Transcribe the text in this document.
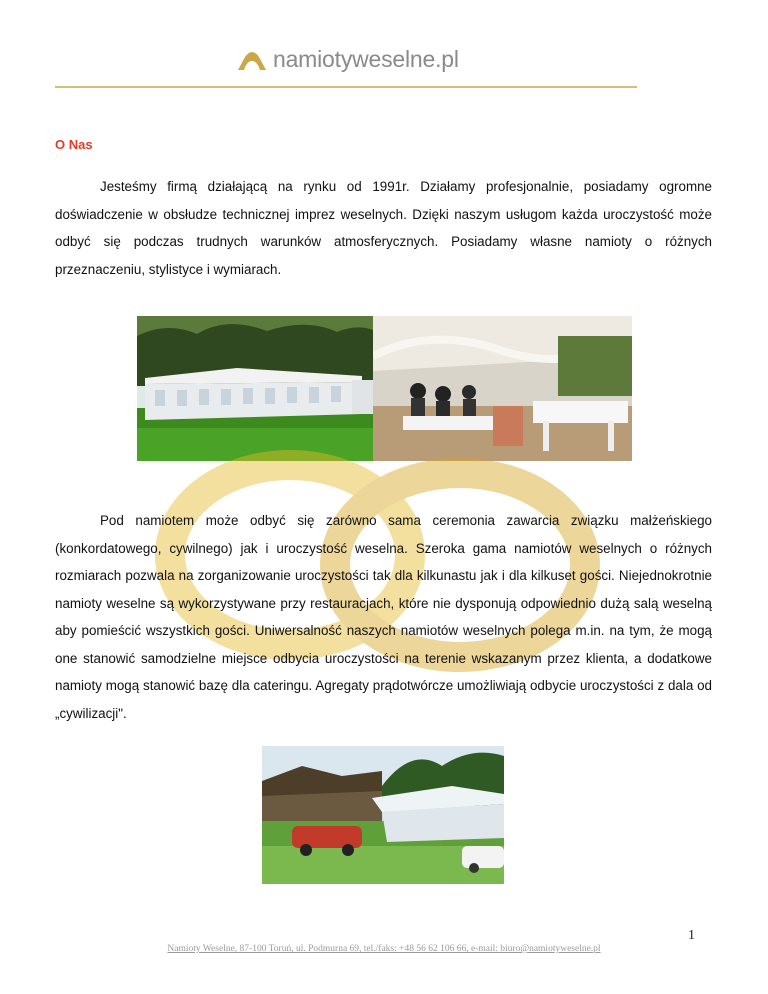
namiotyweselne.pl
O Nas

Jesteśmy firmą działającą na rynku od 1991r. Działamy profesjonalnie, posiadamy ogromne doświadczenie w obsłudze technicznej imprez weselnych. Dzięki naszym usługom każda uroczystość może odbyć się podczas trudnych warunków atmosferycznych. Posiadamy własne namioty o różnych przeznaczeniu, stylistyce i wymiarach.

Pod namiotem może odbyć się zarówno sama ceremonia zawarcia związku małżeńskiego (konkordatowego, cywilnego) jak i uroczystość weselna. Szeroka gama namiotów weselnych o różnych rozmiarach pozwala na zorganizowanie uroczystości tak dla kilkunastu jak i dla kilkuset gości. Niejednokrotnie namioty weselne są wykorzystywane przy restauracjach, które nie dysponują odpowiednio dużą salą weselną aby pomieścić wszystkich gości. Uniwersalność naszych namiotów weselnych polega m.in. na tym, że mogą one stanowić samodzielne miejsce odbycia uroczystości na terenie wskazanym przez klienta, a dodatkowe namioty mogą stanowić bazę dla cateringu. Agregaty prądotwórcze umożliwiają odbycie uroczystości z dala od „cywilizacji".

1
Namioty Weselne, 87-100 Toruń, ul. Podmurna 69, tel./faks: +48 56 62 106 66, e-mail: biuro@namiotyweselne.pl
